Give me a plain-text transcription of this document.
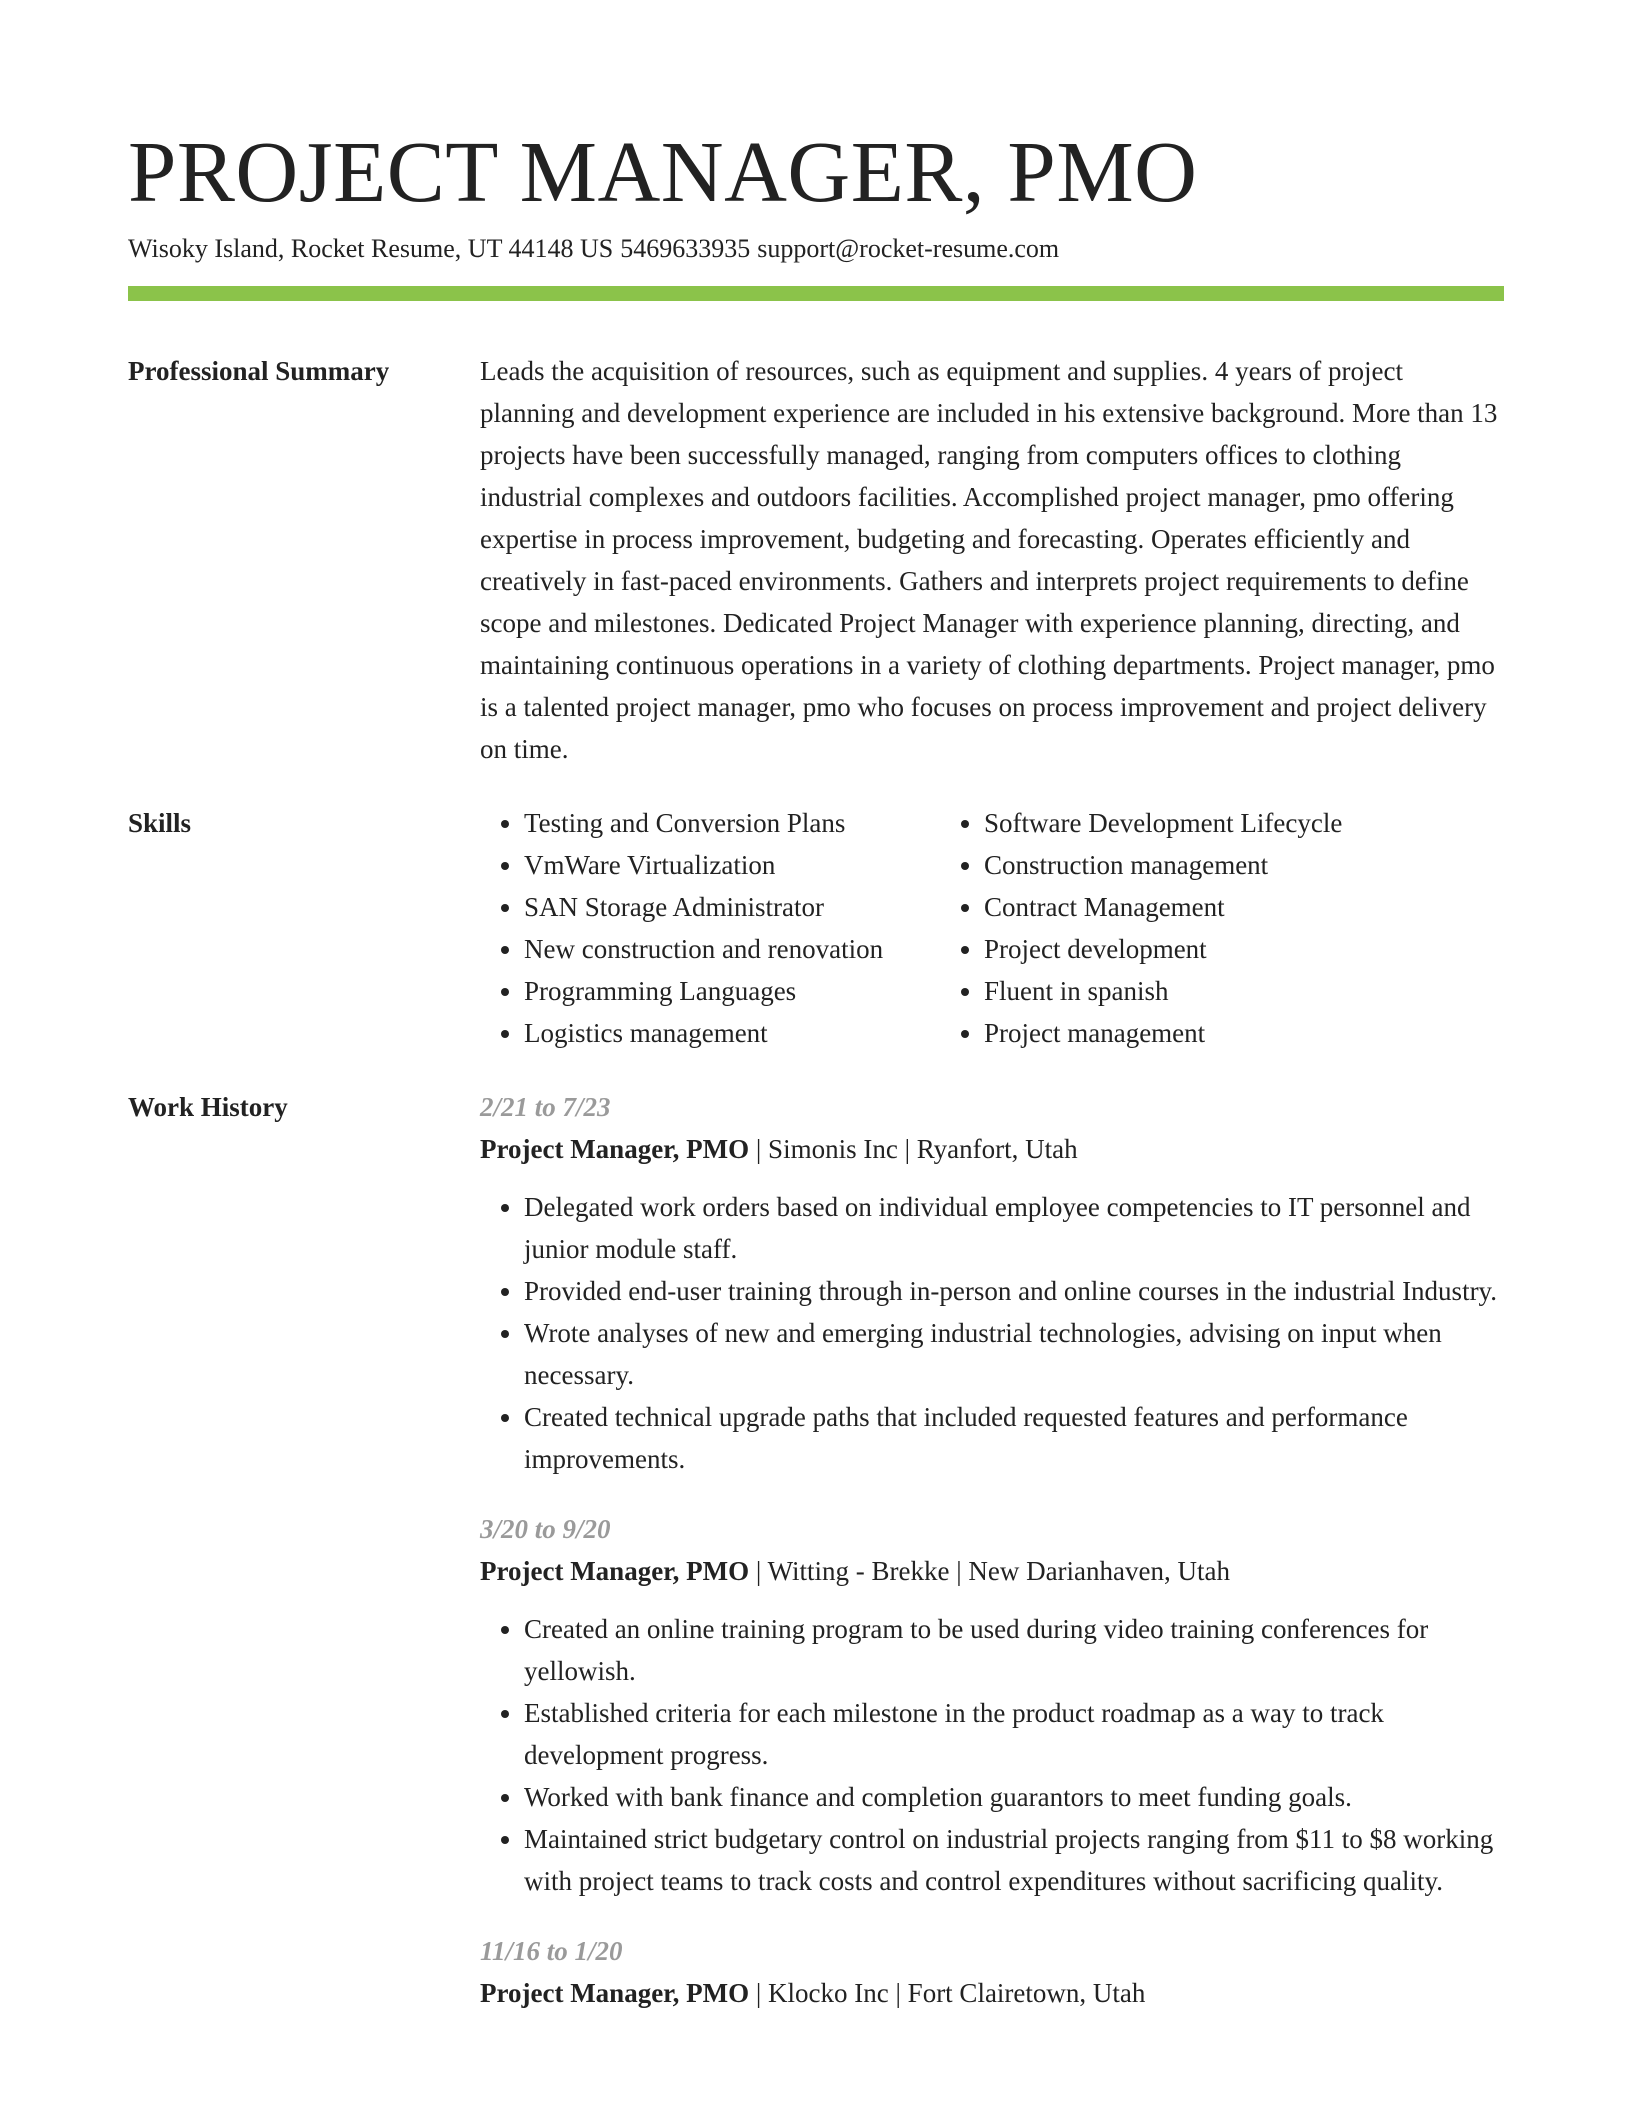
PROJECT MANAGER, PMO
Wisoky Island, Rocket Resume, UT 44148 US 5469633935 support@rocket-resume.com
Professional Summary	Leads the acquisition of resources, such as equipment and supplies. 4 years of project planning and development experience are included in his extensive background. More than 13 projects have been successfully managed, ranging from computers offices to clothing industrial complexes and outdoors facilities. Accomplished project manager, pmo offering expertise in process improvement, budgeting and forecasting. Operates efficiently and creatively in fast-paced environments. Gathers and interprets project requirements to define scope and milestones. Dedicated Project Manager with experience planning, directing, and maintaining continuous operations in a variety of clothing departments. Project manager, pmo is a talented project manager, pmo who focuses on process improvement and project delivery on time.

Skills
•	Testing and Conversion Plans
• VmWare Virtualization
• SAN Storage Administrator
• New construction and renovation
• Programming Languages
• Logistics management
• Software Development Lifecycle
• Construction management
• Contract Management
• Project development
• Fluent in spanish
• Project management
Work History	2/21 to 7/23
Project Manager, PMO | Simonis Inc | Ryanfort, Utah
• Delegated work orders based on individual employee competencies to IT personnel and junior module staff.
• Provided end-user training through in-person and online courses in the industrial Industry.
• Wrote analyses of new and emerging industrial technologies, advising on input when necessary.
• Created technical upgrade paths that included requested features and performance improvements.
3/20 to 9/20
Project Manager, PMO | Witting - Brekke | New Darianhaven, Utah
• Created an online training program to be used during video training conferences for yellowish.
• Established criteria for each milestone in the product roadmap as a way to track development progress.
• Worked with bank finance and completion guarantors to meet funding goals.
• Maintained strict budgetary control on industrial projects ranging from $11 to $8 working with project teams to track costs and control expenditures without sacrificing quality.
11/16 to 1/20
Project Manager, PMO | Klocko Inc | Fort Clairetown, Utah
